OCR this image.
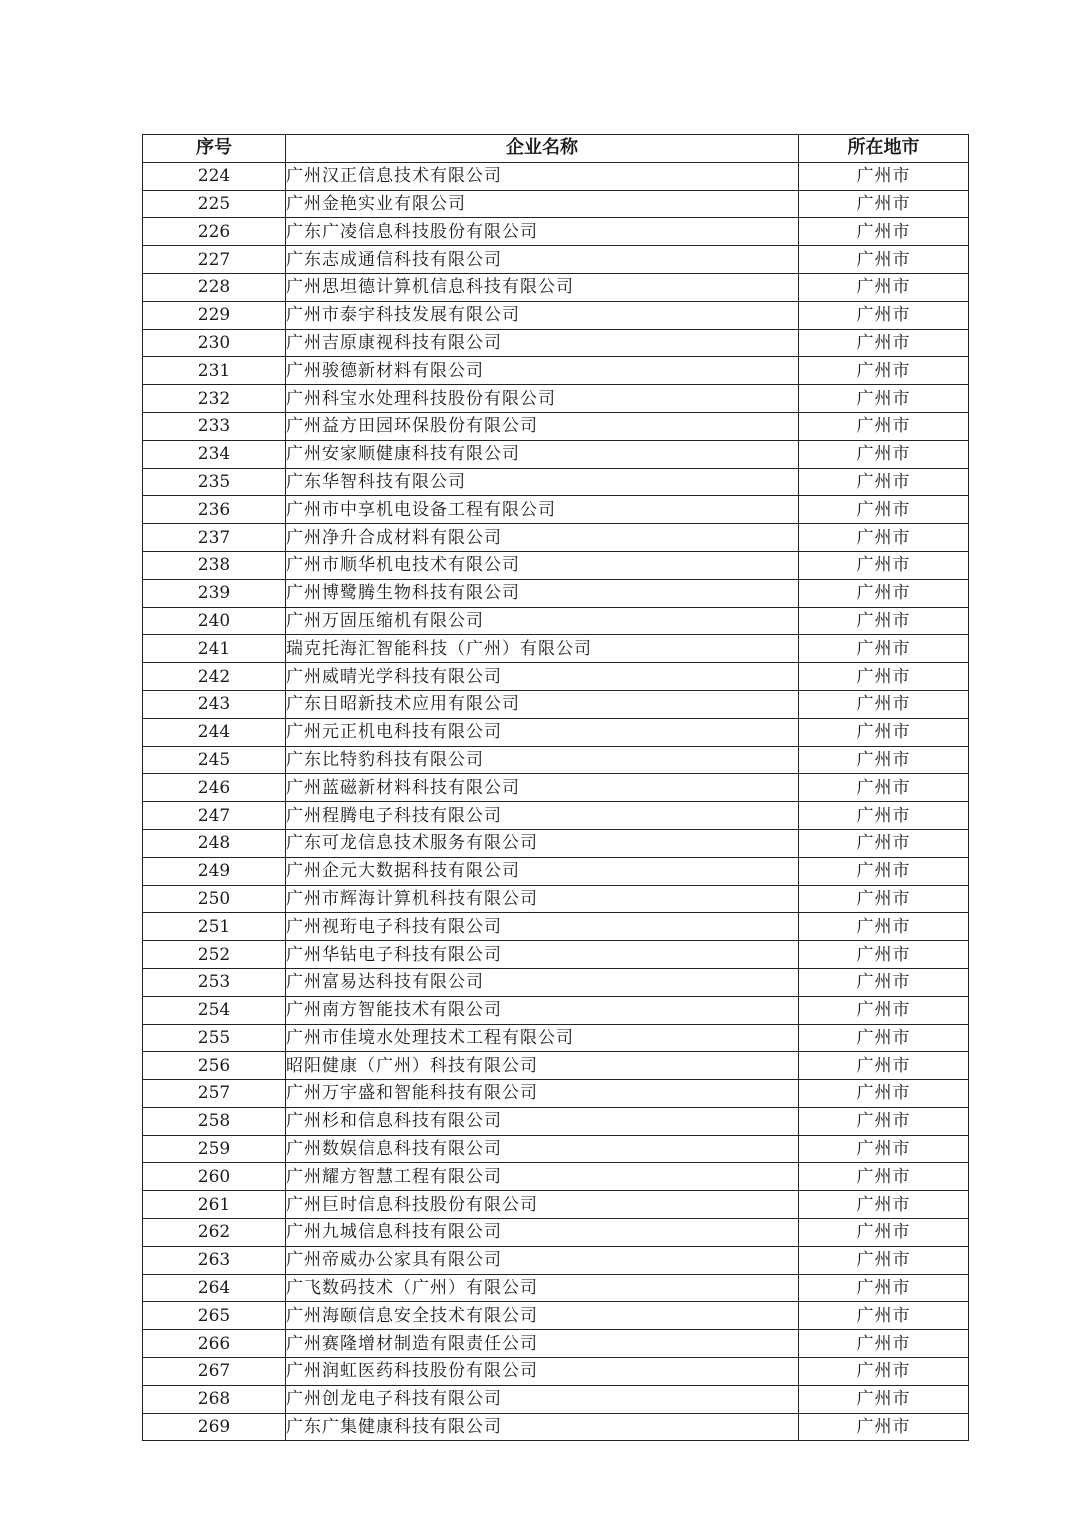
序号	企业名称	所在地市
224	广州汉正信息技术有限公司	广州市
225	广州金艳实业有限公司	广州市
226	广东广凌信息科技股份有限公司	广州市
227	广东志成通信科技有限公司	广州市
228	广州思坦德计算机信息科技有限公司	广州市
229	广州市泰宇科技发展有限公司	广州市
230	广州吉原康视科技有限公司	广州市
231	广州骏德新材料有限公司	广州市
232	广州科宝水处理科技股份有限公司	广州市
233	广州益方田园环保股份有限公司	广州市
234	广州安家顺健康科技有限公司	广州市
235	广东华智科技有限公司	广州市
236	广州市中享机电设备工程有限公司	广州市
237	广州净升合成材料有限公司	广州市
238	广州市顺华机电技术有限公司	广州市
239	广州博鹭腾生物科技有限公司	广州市
240	广州万固压缩机有限公司	广州市
241	瑞克托海汇智能科技（广州）有限公司	广州市
242	广州威晴光学科技有限公司	广州市
243	广东日昭新技术应用有限公司	广州市
244	广州元正机电科技有限公司	广州市
245	广东比特豹科技有限公司	广州市
246	广州蓝磁新材料科技有限公司	广州市
247	广州程腾电子科技有限公司	广州市
248	广东可龙信息技术服务有限公司	广州市
249	广州企元大数据科技有限公司	广州市
250	广州市辉海计算机科技有限公司	广州市
251	广州视珩电子科技有限公司	广州市
252	广州华钻电子科技有限公司	广州市
253	广州富易达科技有限公司	广州市
254	广州南方智能技术有限公司	广州市
255	广州市佳境水处理技术工程有限公司	广州市
256	昭阳健康（广州）科技有限公司	广州市
257	广州万宇盛和智能科技有限公司	广州市
258	广州杉和信息科技有限公司	广州市
259	广州数娱信息科技有限公司	广州市
260	广州耀方智慧工程有限公司	广州市
261	广州巨时信息科技股份有限公司	广州市
262	广州九城信息科技有限公司	广州市
263	广州帝威办公家具有限公司	广州市
264	广飞数码技术（广州）有限公司	广州市
265	广州海颐信息安全技术有限公司	广州市
266	广州赛隆增材制造有限责任公司	广州市
267	广州润虹医药科技股份有限公司	广州市
268	广州创龙电子科技有限公司	广州市
269	广东广集健康科技有限公司	广州市
